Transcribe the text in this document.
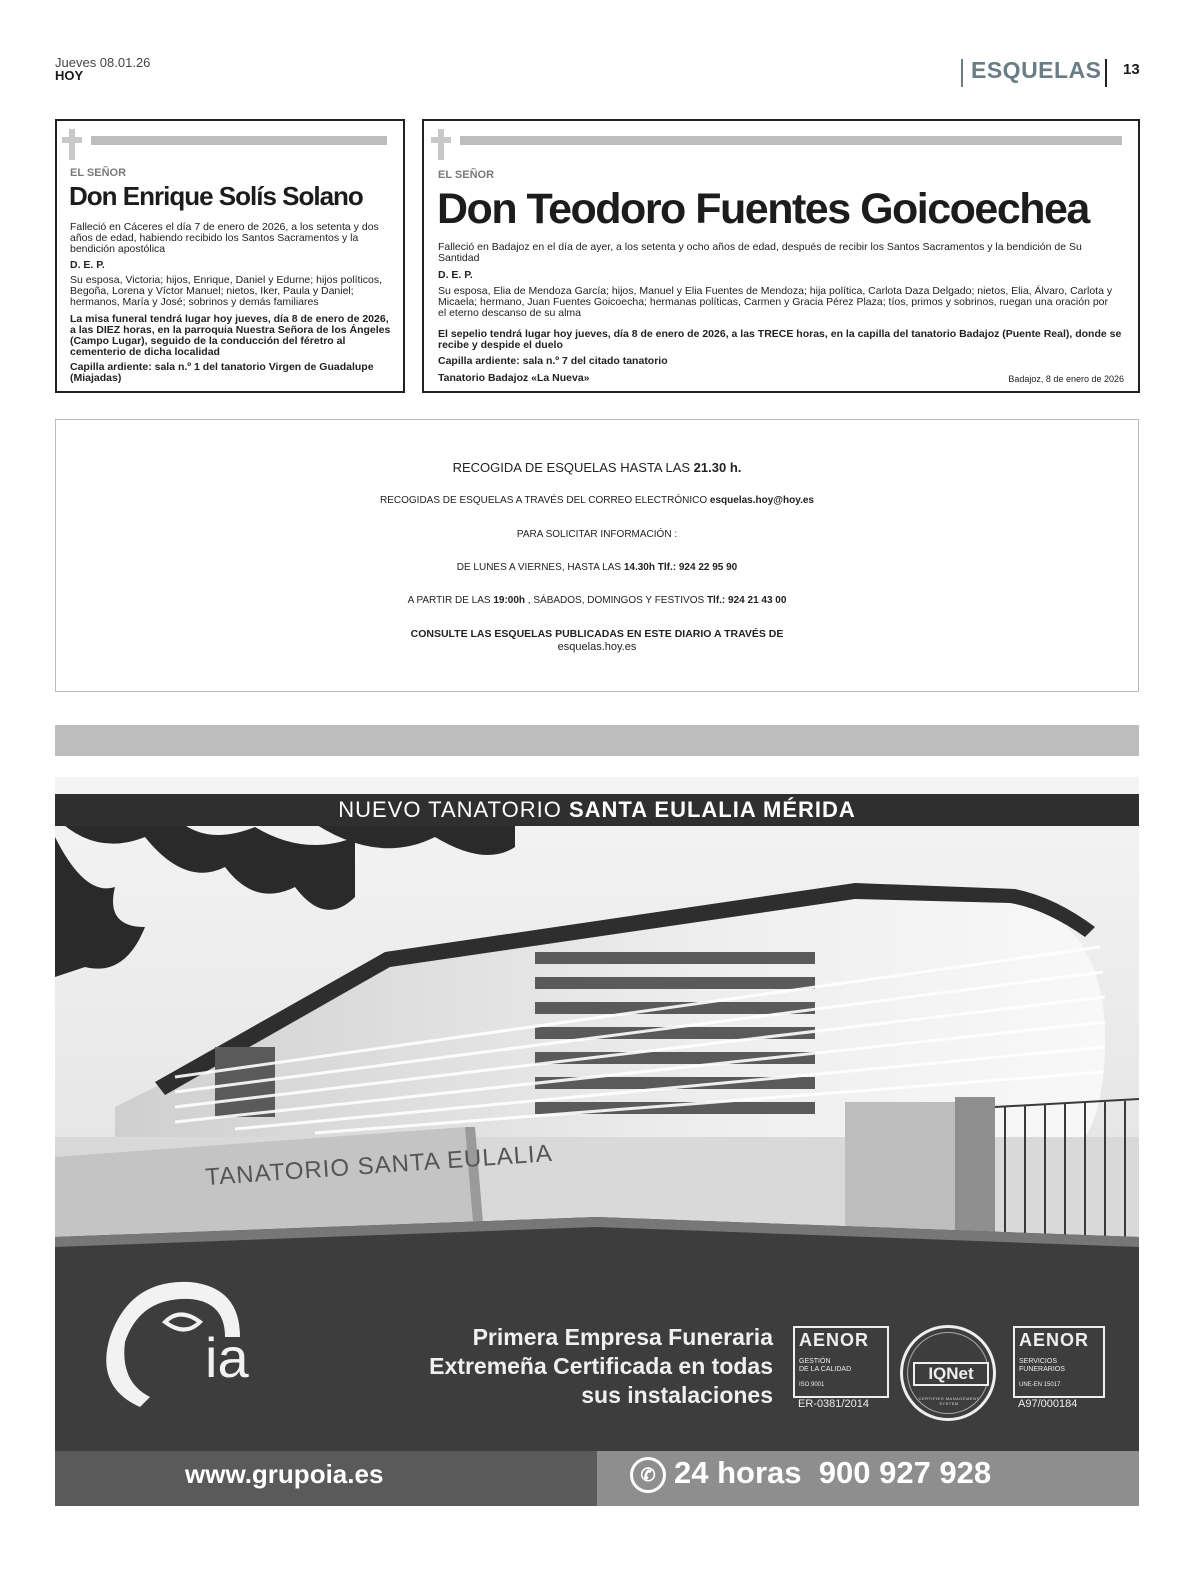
Jueves 08.01.26
HOY	ESQUELAS 13
EL SEÑOR
Don Enrique Solís Solano
Falleció en Cáceres el día 7 de enero de 2026, a los setenta y dos años de edad, habiendo recibido los Santos Sacramentos y la bendición apostólica
D. E. P.
Su esposa, Victoria; hijos, Enrique, Daniel y Edurne; hijos políticos, Begoña, Lorena y Víctor Manuel; nietos, Iker, Paula y Daniel; hermanos, María y José; sobrinos y demás familiares
La misa funeral tendrá lugar hoy jueves, día 8 de enero de 2026, a las DIEZ horas, en la parroquia Nuestra Señora de los Ángeles (Campo Lugar), seguido de la conducción del féretro al cementerio de dicha localidad
Capilla ardiente: sala n.º 1 del tanatorio Virgen de Guadalupe (Miajadas)
EL SEÑOR
Don Teodoro Fuentes Goicoechea
Falleció en Badajoz en el día de ayer, a los setenta y ocho años de edad, después de recibir los Santos Sacramentos y la bendición de Su Santidad
D. E. P.
Su esposa, Elia de Mendoza García; hijos, Manuel y Elia Fuentes de Mendoza; hija política, Carlota Daza Delgado; nietos, Elia, Álvaro, Carlota y Micaela; hermano, Juan Fuentes Goicoecha; hermanas políticas, Carmen y Gracia Pérez Plaza; tíos, primos y sobrinos, ruegan una oración por el eterno descanso de su alma
El sepelio tendrá lugar hoy jueves, día 8 de enero de 2026, a las TRECE horas, en la capilla del tanatorio Badajoz (Puente Real), donde se recibe y despide el duelo
Capilla ardiente: sala n.º 7 del citado tanatorio
Tanatorio Badajoz «La Nueva»	Badajoz, 8 de enero de 2026
RECOGIDA DE ESQUELAS HASTA LAS 21.30 h.
RECOGIDAS DE ESQUELAS A TRAVÉS DEL CORREO ELECTRÓNICO esquelas.hoy@hoy.es
PARA SOLICITAR INFORMACIÓN :
DE LUNES A VIERNES, HASTA LAS 14.30h Tlf.: 924 22 95 90
A PARTIR DE LAS 19:00h , SÁBADOS, DOMINGOS Y FESTIVOS Tlf.: 924 21 43 00
CONSULTE LAS ESQUELAS PUBLICADAS EN ESTE DIARIO A TRAVÉS DE
esquelas.hoy.es
TANATORIO SANTA EULALIA
NUEVO TANATORIO SANTA EULALIA MÉRIDA
ia	Primera Empresa Funeraria
Extremeña Certificada en todas
sus instalaciones
AENOR
GESTIÓN
DE LA CALIDAD
ISO 9001
ER-0381/2014
IQNet
CERTIFIED MANAGEMENT SYSTEM
AENOR
SERVICIOS
FUNERARIOS
UNE-EN 15017
A97/000184
www.grupoia.es	✆ 24 horas 900 927 928
